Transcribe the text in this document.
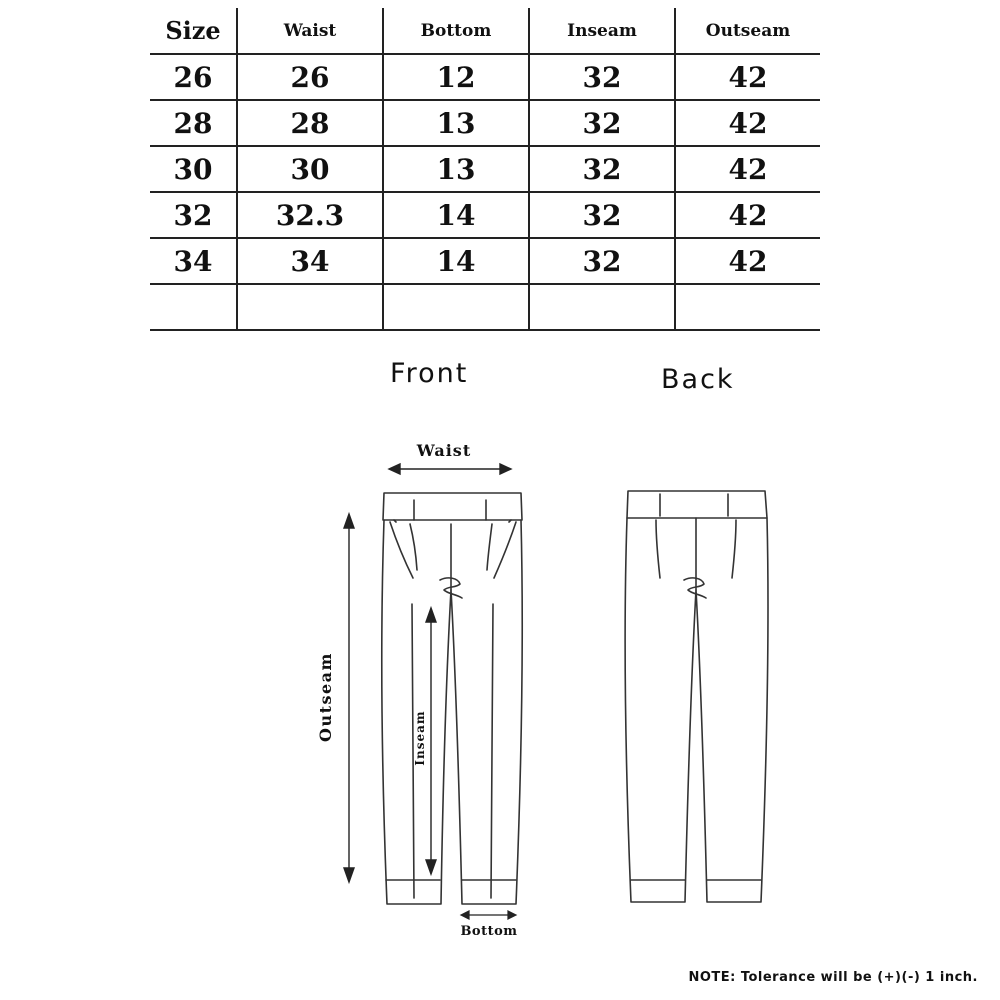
Size	Waist	Bottom	Inseam	Outseam
26	26	12	32	42
28	28	13	32	42
30	30	13	32	42
32	32.3	14	32	42
34	34	14	32	42

Front	Back
Waist
Outseam	Inseam
Bottom
NOTE: Tolerance will be (+)(-) 1 inch.
